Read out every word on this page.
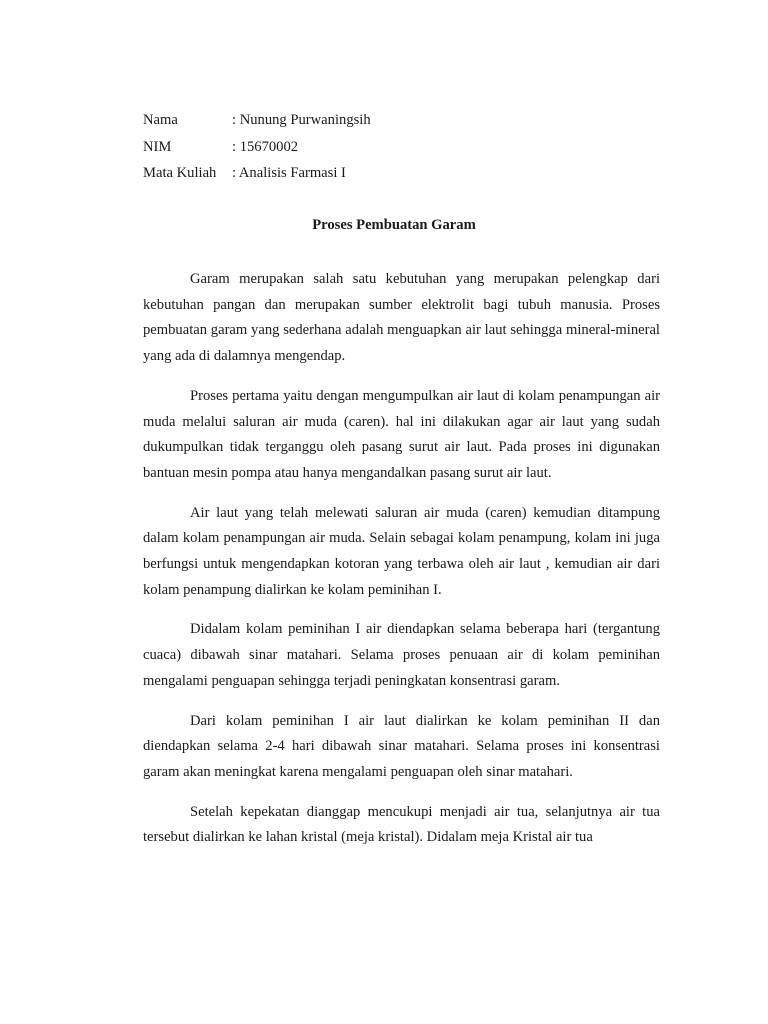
Nama	: Nunung Purwaningsih
NIM	: 15670002
Mata Kuliah : Analisis Farmasi I
Proses Pembuatan Garam

Garam merupakan salah satu kebutuhan yang merupakan pelengkap dari kebutuhan pangan dan merupakan sumber elektrolit bagi tubuh manusia. Proses pembuatan garam yang sederhana adalah menguapkan air laut sehingga mineral-mineral yang ada di dalamnya mengendap.

Proses pertama yaitu dengan mengumpulkan air laut di kolam penampungan air muda melalui saluran air muda (caren). hal ini dilakukan agar air laut yang sudah dukumpulkan tidak terganggu oleh pasang surut air laut. Pada proses ini digunakan bantuan mesin pompa atau hanya mengandalkan pasang surut air laut.

Air laut yang telah melewati saluran air muda (caren) kemudian ditampung dalam kolam penampungan air muda. Selain sebagai kolam penampung, kolam ini juga berfungsi untuk mengendapkan kotoran yang terbawa oleh air laut , kemudian air dari kolam penampung dialirkan ke kolam peminihan I.

Didalam kolam peminihan I air diendapkan selama beberapa hari (tergantung cuaca) dibawah sinar matahari. Selama proses penuaan air di kolam peminihan mengalami penguapan sehingga terjadi peningkatan konsentrasi garam.

Dari kolam peminihan I air laut dialirkan ke kolam peminihan II dan diendapkan selama 2-4 hari dibawah sinar matahari. Selama proses ini konsentrasi garam akan meningkat karena mengalami penguapan oleh sinar matahari.

Setelah kepekatan dianggap mencukupi menjadi air tua, selanjutnya air tua tersebut dialirkan ke lahan kristal (meja kristal). Didalam meja Kristal air tua
